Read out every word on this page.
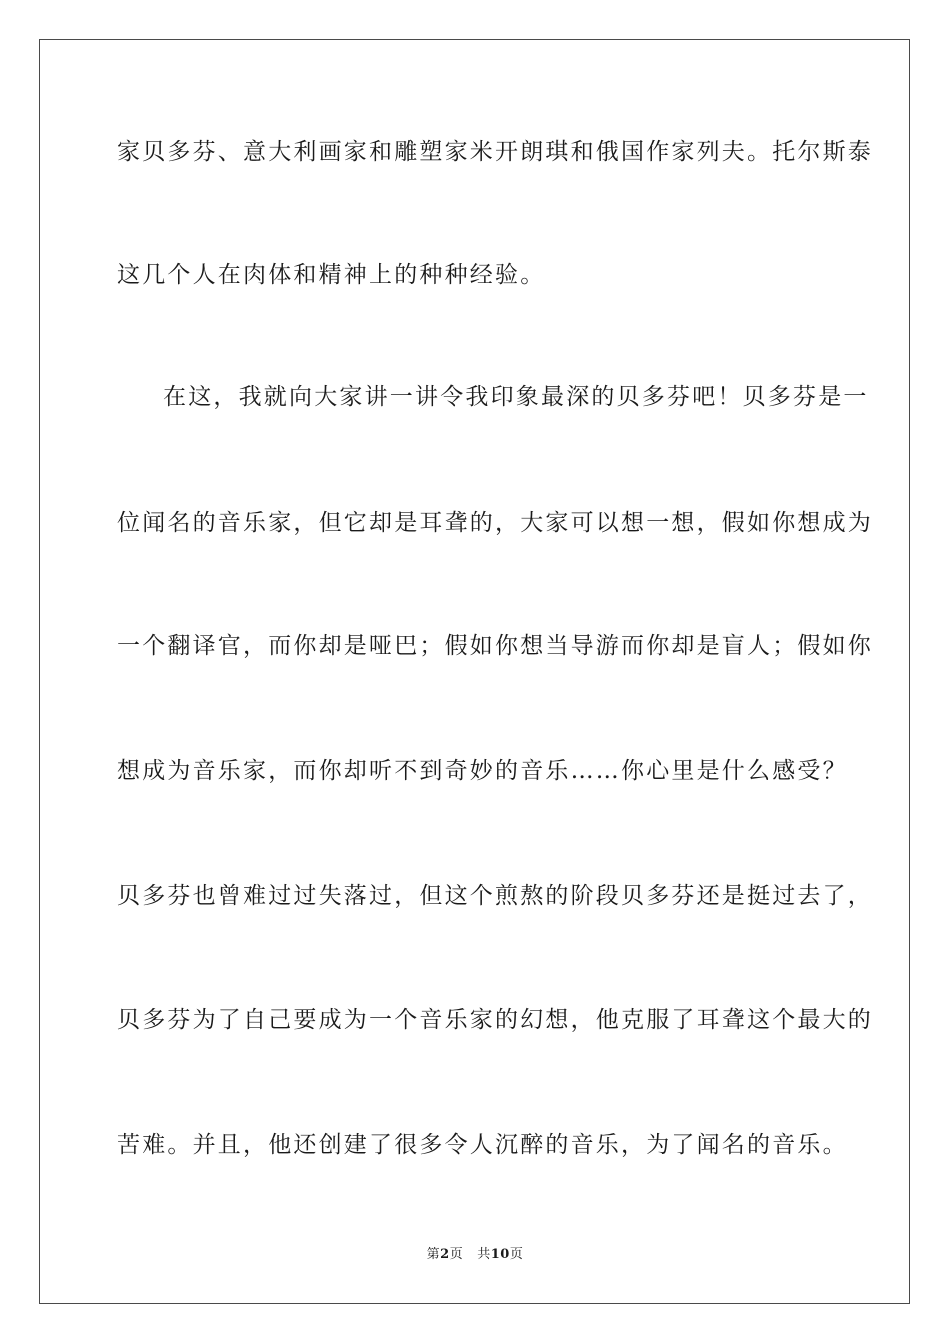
家贝多芬、意大利画家和雕塑家米开朗琪和俄国作家列夫。托尔斯泰
这几个人在肉体和精神上的种种经验。
在这，我就向大家讲一讲令我印象最深的贝多芬吧！贝多芬是一
位闻名的音乐家，但它却是耳聋的，大家可以想一想，假如你想成为
一个翻译官，而你却是哑巴；假如你想当导游而你却是盲人；假如你
想成为音乐家，而你却听不到奇妙的音乐……你心里是什么感受？
贝多芬也曾难过过失落过，但这个煎熬的阶段贝多芬还是挺过去了，
贝多芬为了自己要成为一个音乐家的幻想，他克服了耳聋这个最大的
苦难。并且，他还创建了很多令人沉醉的音乐，为了闻名的音乐。
第2页 共10页
